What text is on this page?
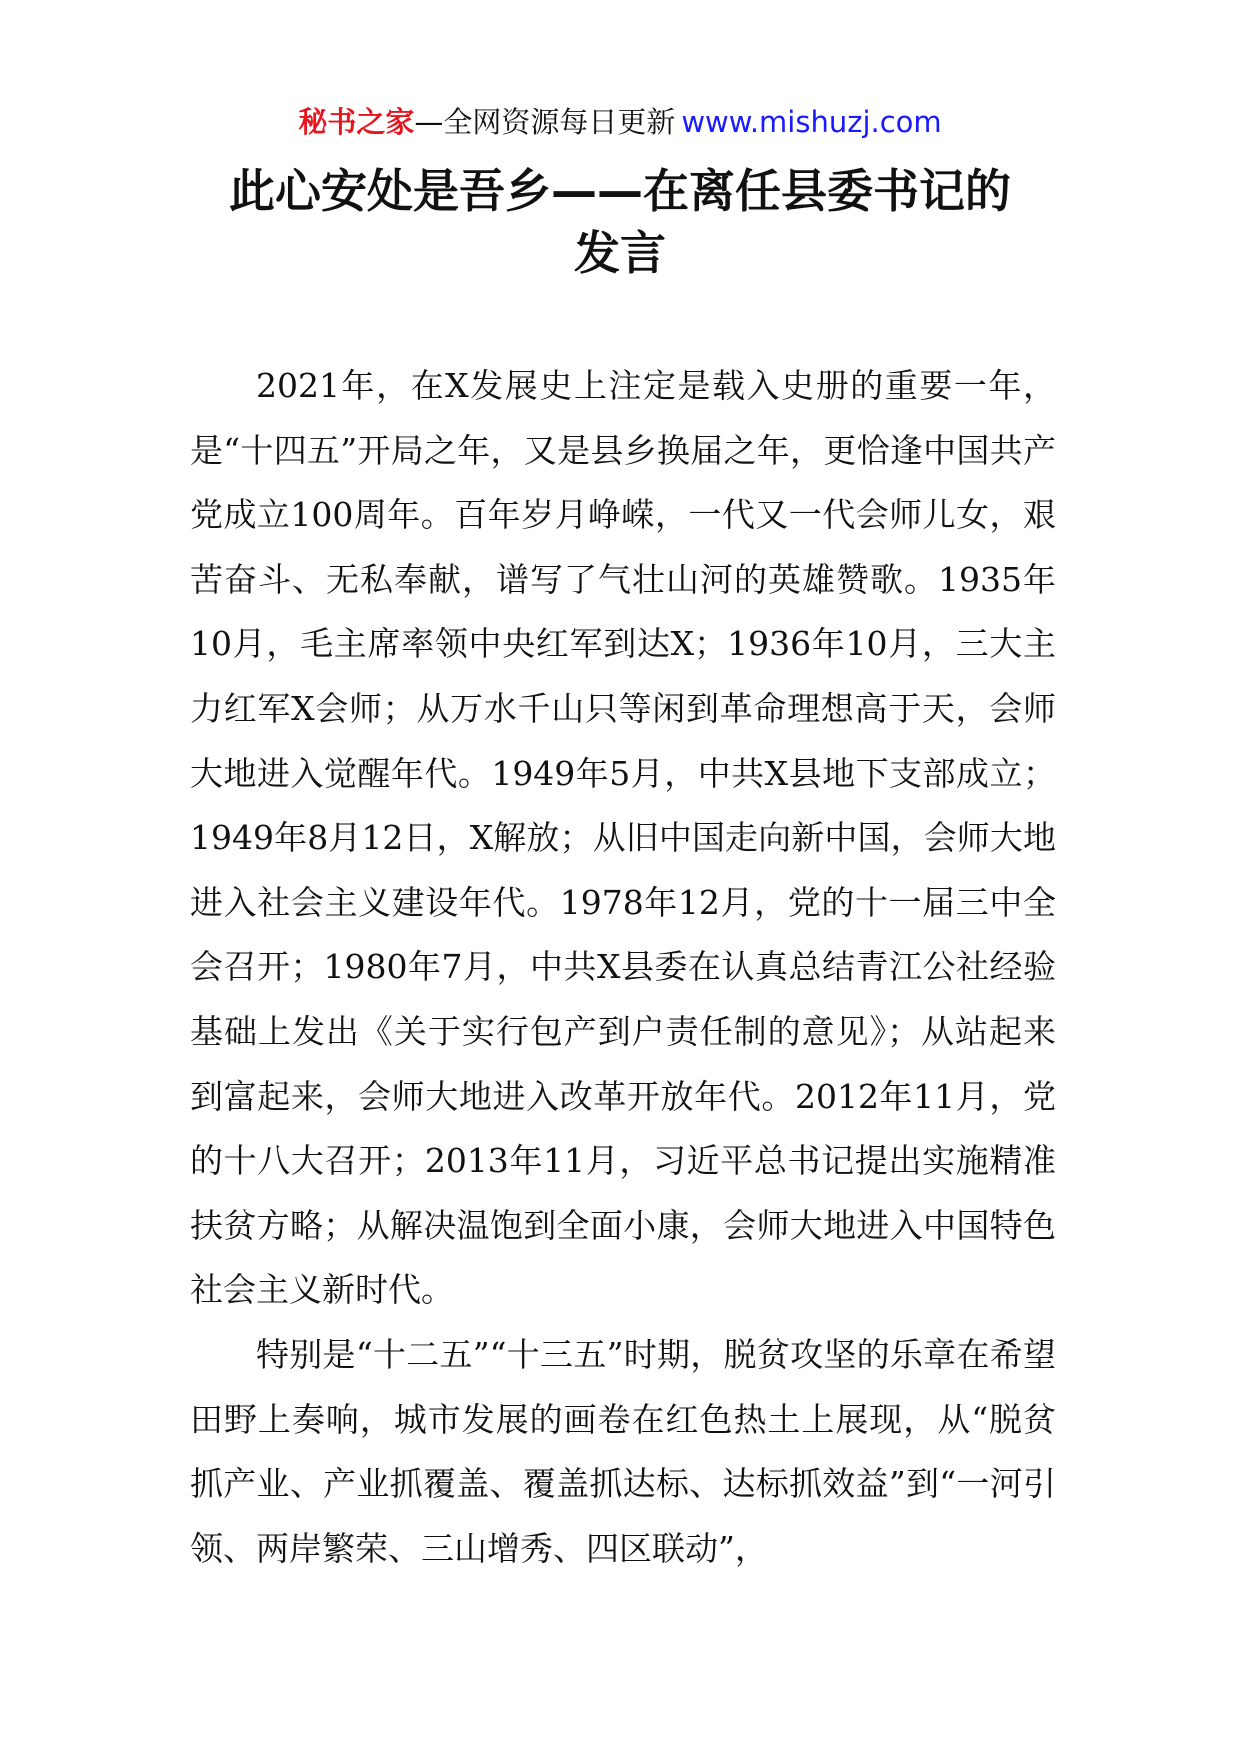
秘书之家—全网资源每日更新 www.mishuzj.com
此心安处是吾乡——在离任县委书记的
发言

2021年，在X发展史上注定是载入史册的重要一年，是“十四五”开局之年，又是县乡换届之年，更恰逢中国共产党成立100周年。百年岁月峥嵘，一代又一代会师儿女，艰苦奋斗、无私奉献，谱写了气壮山河的英雄赞歌。1935年10月，毛主席率领中央红军到达X；1936年10月，三大主力红军X会师；从万水千山只等闲到革命理想高于天，会师大地进入觉醒年代。1949年5月，中共X县地下支部成立；1949年8月12日，X解放；从旧中国走向新中国，会师大地进入社会主义建设年代。1978年12月，党的十一届三中全会召开；1980年7月，中共X县委在认真总结青江公社经验基础上发出《关于实行包产到户责任制的意见》；从站起来到富起来，会师大地进入改革开放年代。2012年11月，党的十八大召开；2013年11月，习近平总书记提出实施精准扶贫方略；从解决温饱到全面小康，会师大地进入中国特色社会主义新时代。

特别是“十二五”“十三五”时期，脱贫攻坚的乐章在希望田野上奏响，城市发展的画卷在红色热土上展现，从“脱贫抓产业、产业抓覆盖、覆盖抓达标、达标抓效益”到“一河引领、两岸繁荣、三山增秀、四区联动”，
